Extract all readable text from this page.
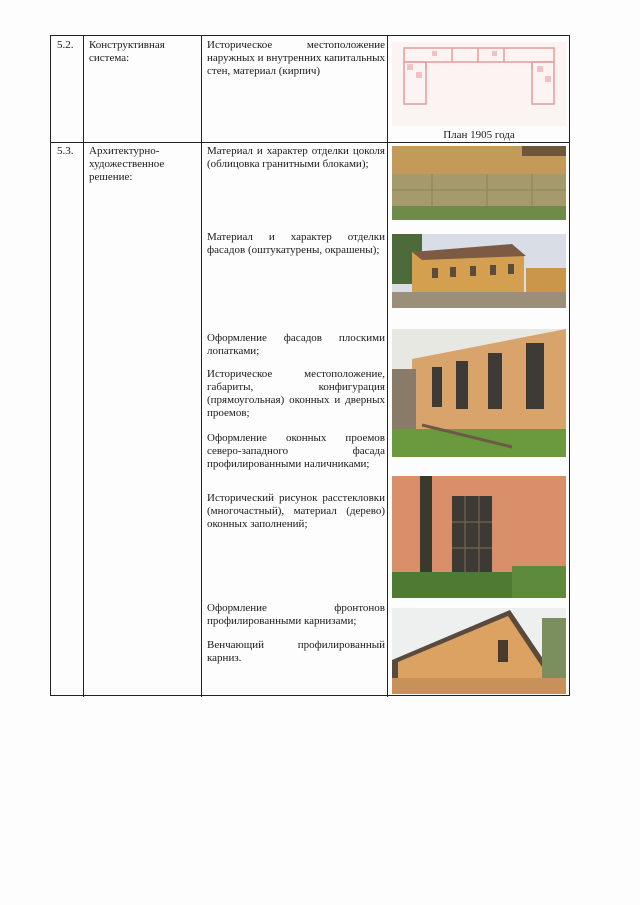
5.2. Конструктивная система:
Историческое местоположение наружных и внутренних капитальных стен, материал (кирпич)
План 1905 года
5.3. Архитектурно-художественное решение:
Материал и характер отделки цоколя (облицовка гранитными блоками);
Материал и характер отделки фасадов (оштукатурены, окрашены);
Оформление фасадов плоскими лопатками;
Историческое местоположение, габариты, конфигурация (прямоугольная) оконных и дверных проемов;
Оформление оконных проемов северо-западного фасада профилированными наличниками;
Исторический рисунок расстекловки (многочастный), материал (дерево) оконных заполнений;
Оформление фронтонов профилированными карнизами;
Венчающий профилированный карниз.
